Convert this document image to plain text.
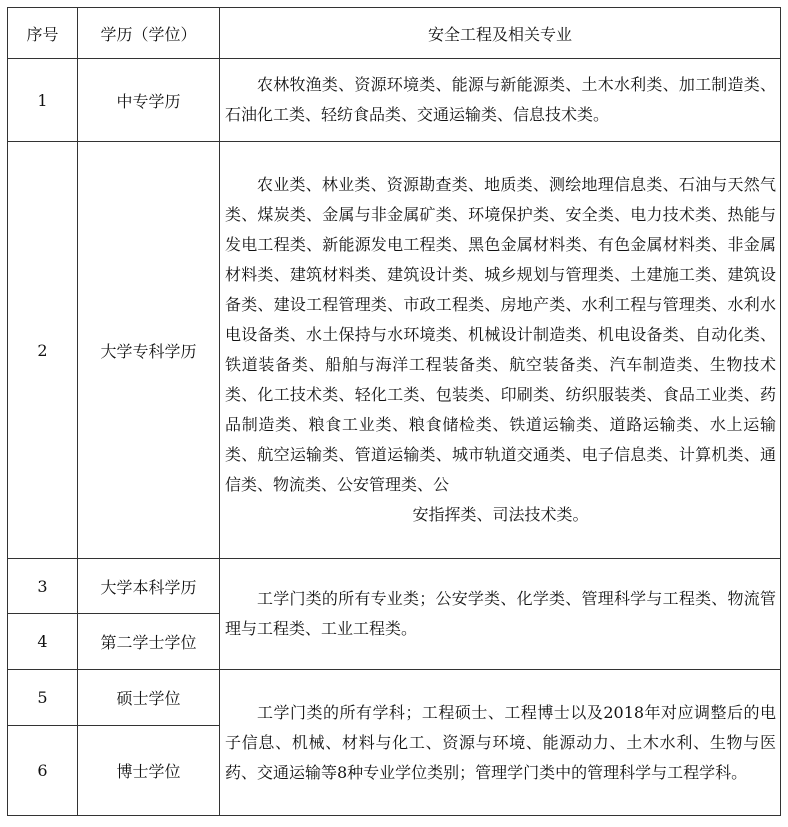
序号	学历（学位）	安全工程及相关专业
1	中专学历	农林牧渔类、资源环境类、能源与新能源类、土木水利类、加工制造类、石油化工类、轻纺食品类、交通运输类、信息技术类。

2	大学专科学历	农业类、林业类、资源勘查类、地质类、测绘地理信息类、石油与天然气类、煤炭类、金属与非金属矿类、环境保护类、安全类、电力技术类、热能与发电工程类、新能源发电工程类、黑色金属材料类、有色金属材料类、非金属材料类、建筑材料类、建筑设计类、城乡规划与管理类、土建施工类、建筑设备类、建设工程管理类、市政工程类、房地产类、水利工程与管理类、水利水电设备类、水土保持与水环境类、机械设计制造类、机电设备类、自动化类、铁道装备类、船舶与海洋工程装备类、航空装备类、汽车制造类、生物技术类、化工技术类、轻化工类、包装类、印刷类、纺织服装类、食品工业类、药品制造类、粮食工业类、粮食储检类、铁道运输类、道路运输类、水上运输类、航空运输类、管道运输类、城市轨道交通类、电子信息类、计算机类、通信类、物流类、公安管理类、公
安指挥类、司法技术类。

3	大学本科学历	工学门类的所有专业类；公安学类、化学类、管理科学与工程类、物流管理与工程类、工业工程类。

4	第二学士学位	
5	硕士学位	工学门类的所有学科；工程硕士、工程博士以及2018年对应调整后的电子信息、机械、材料与化工、资源与环境、能源动力、土木水利、生物与医药、交通运输等8种专业学位类别；管理学门类中的管理科学与工程学科。

6	博士学位	
